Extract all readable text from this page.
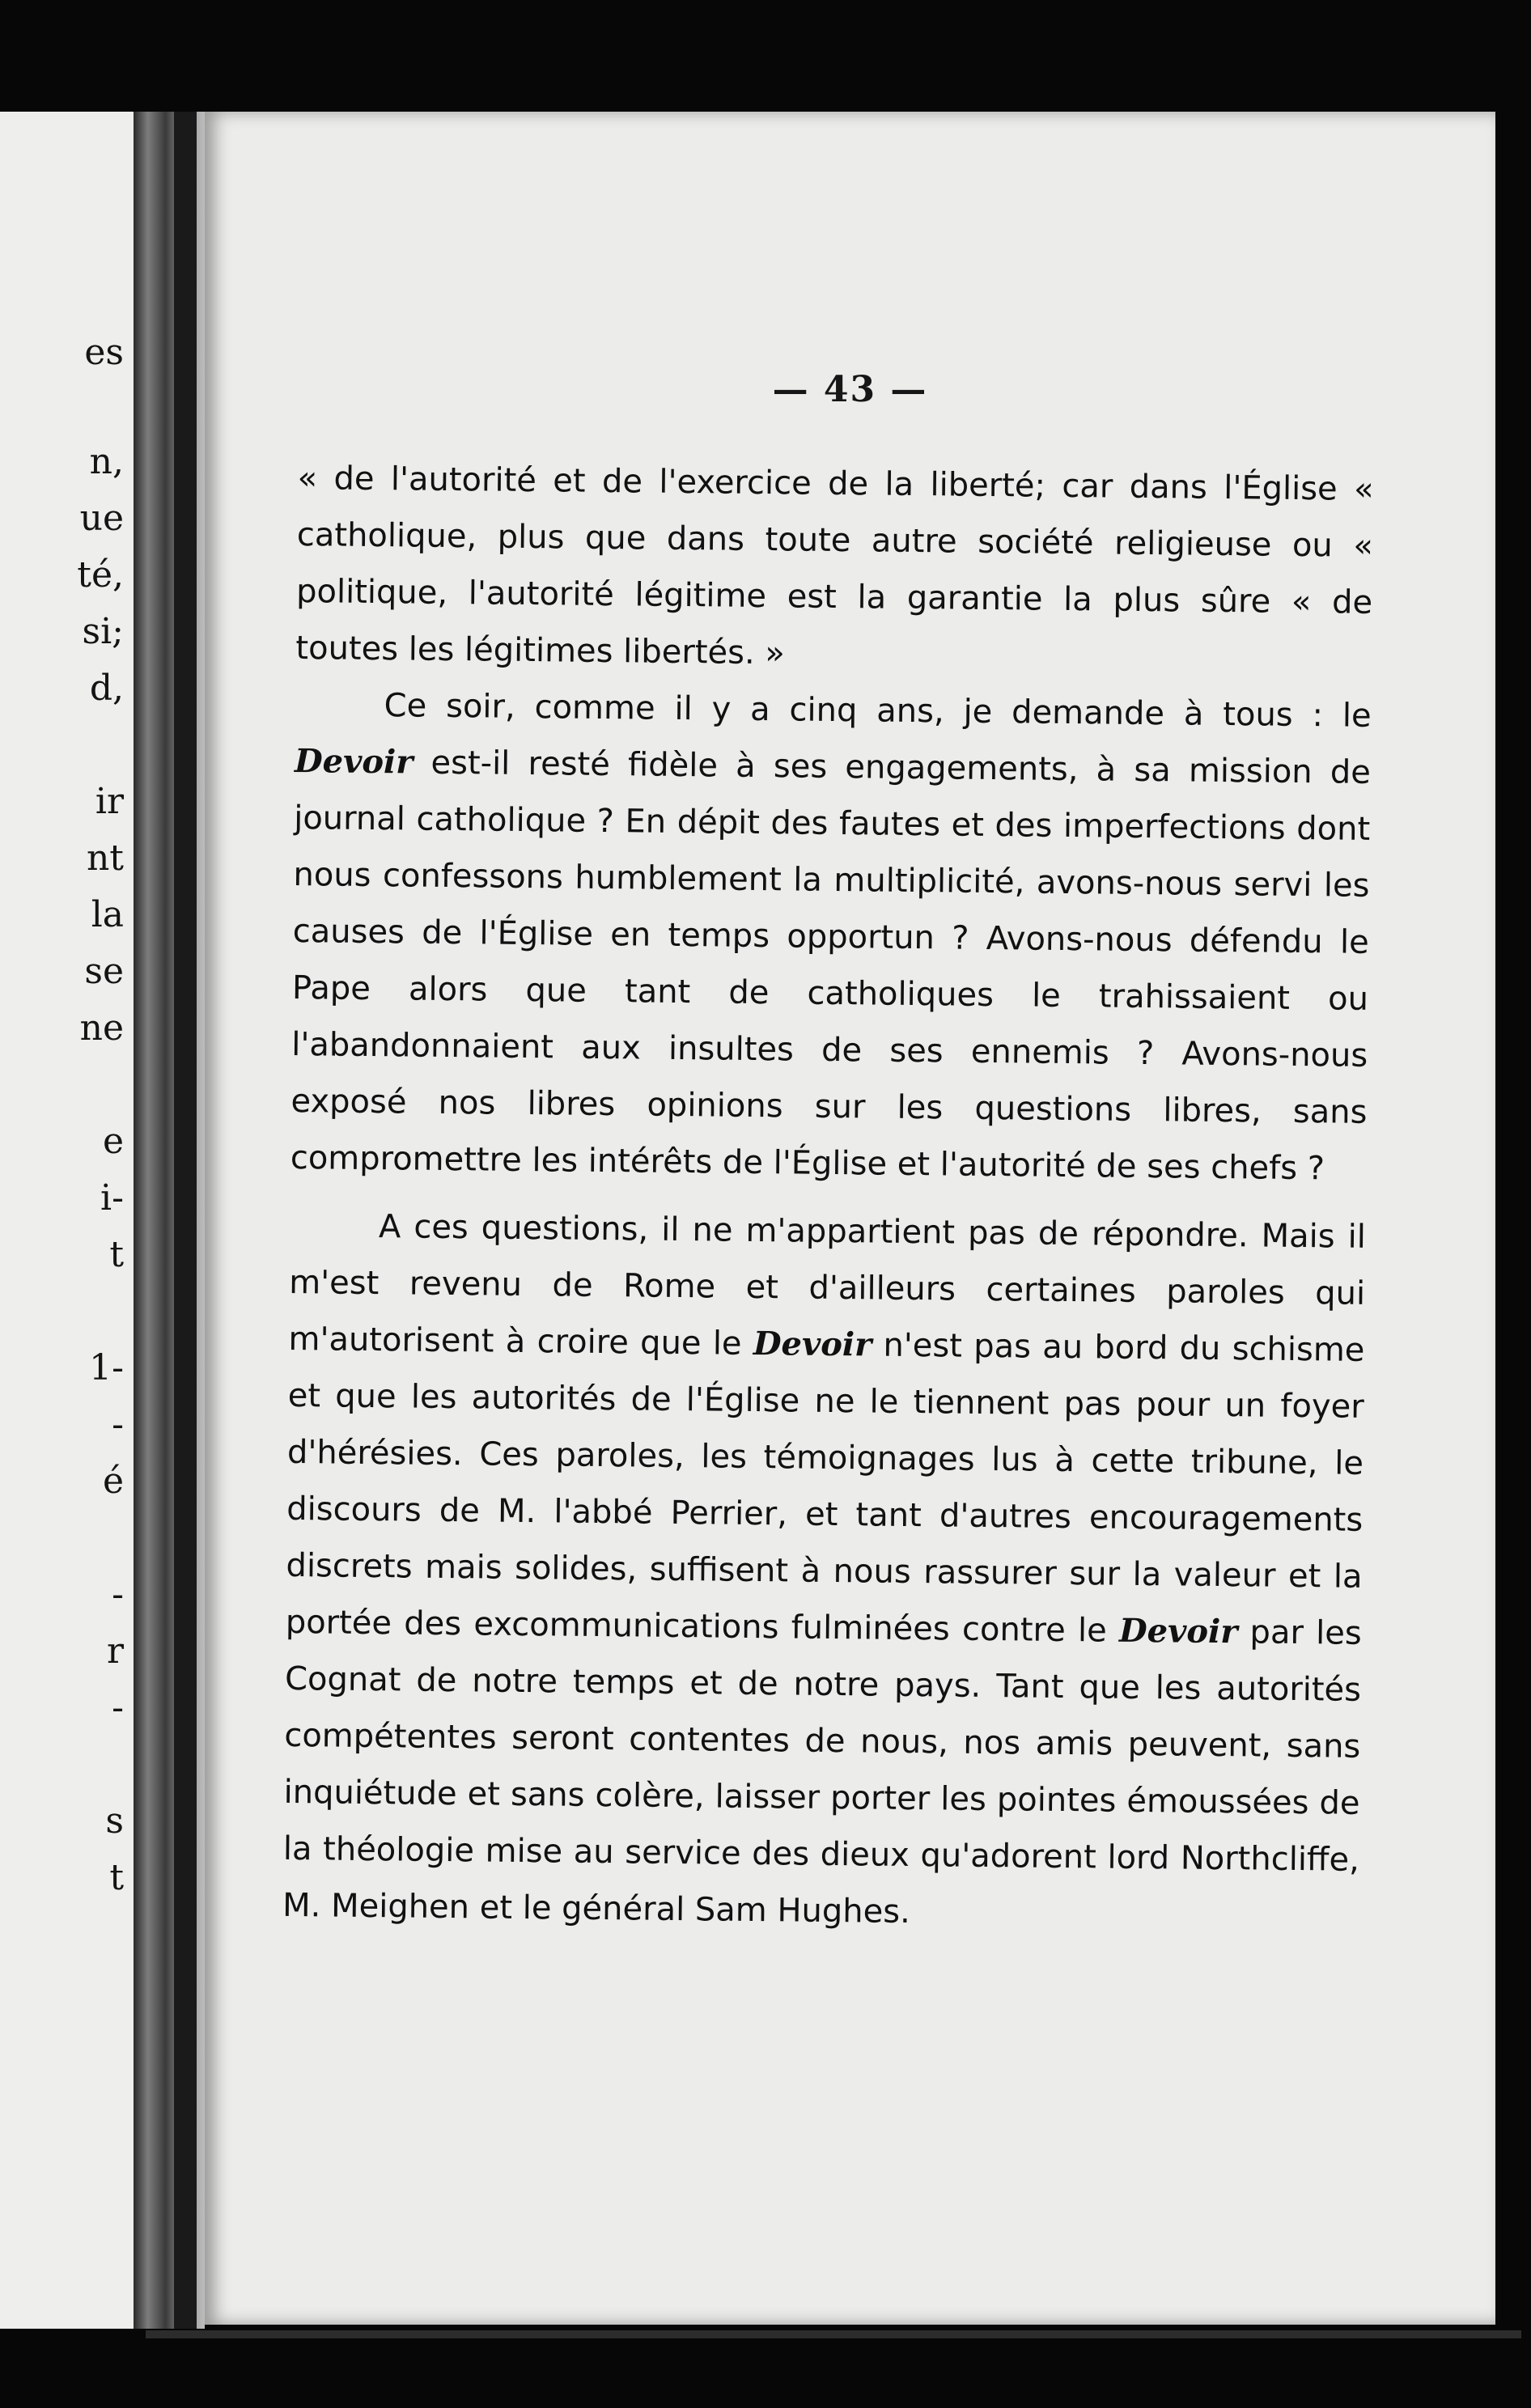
es
n,
ue
té,
si;
d,
ir
nt
la
se
ne
e
i-
t
1-
-
é
-
r
-
s
t

— 43 —

« de l'autorité et de l'exercice de la liberté; car dans l'Église « catholique, plus que dans toute autre société religieuse ou « politique, l'autorité légitime est la garantie la plus sûre « de toutes les légitimes libertés. »

Ce soir, comme il y a cinq ans, je demande à tous : le Devoir est-il resté fidèle à ses engagements, à sa mission de journal catholique ? En dépit des fautes et des imperfections dont nous confessons humblement la multiplicité, avons-nous servi les causes de l'Église en temps opportun ? Avons-nous défendu le Pape alors que tant de catholiques le trahissaient ou l'abandonnaient aux insultes de ses ennemis ? Avons-nous exposé nos libres opinions sur les questions libres, sans compromettre les intérêts de l'Église et l'autorité de ses chefs ?

A ces questions, il ne m'appartient pas de répondre. Mais il m'est revenu de Rome et d'ailleurs certaines paroles qui m'autorisent à croire que le Devoir n'est pas au bord du schisme et que les autorités de l'Église ne le tiennent pas pour un foyer d'hérésies. Ces paroles, les témoignages lus à cette tribune, le discours de M. l'abbé Perrier, et tant d'autres encouragements discrets mais solides, suffisent à nous rassurer sur la valeur et la portée des excommunications fulminées contre le Devoir par les Cognat de notre temps et de notre pays. Tant que les autorités compétentes seront contentes de nous, nos amis peuvent, sans inquiétude et sans colère, laisser porter les pointes émoussées de la théologie mise au service des dieux qu'adorent lord Northcliffe, M. Meighen et le général Sam Hughes.
